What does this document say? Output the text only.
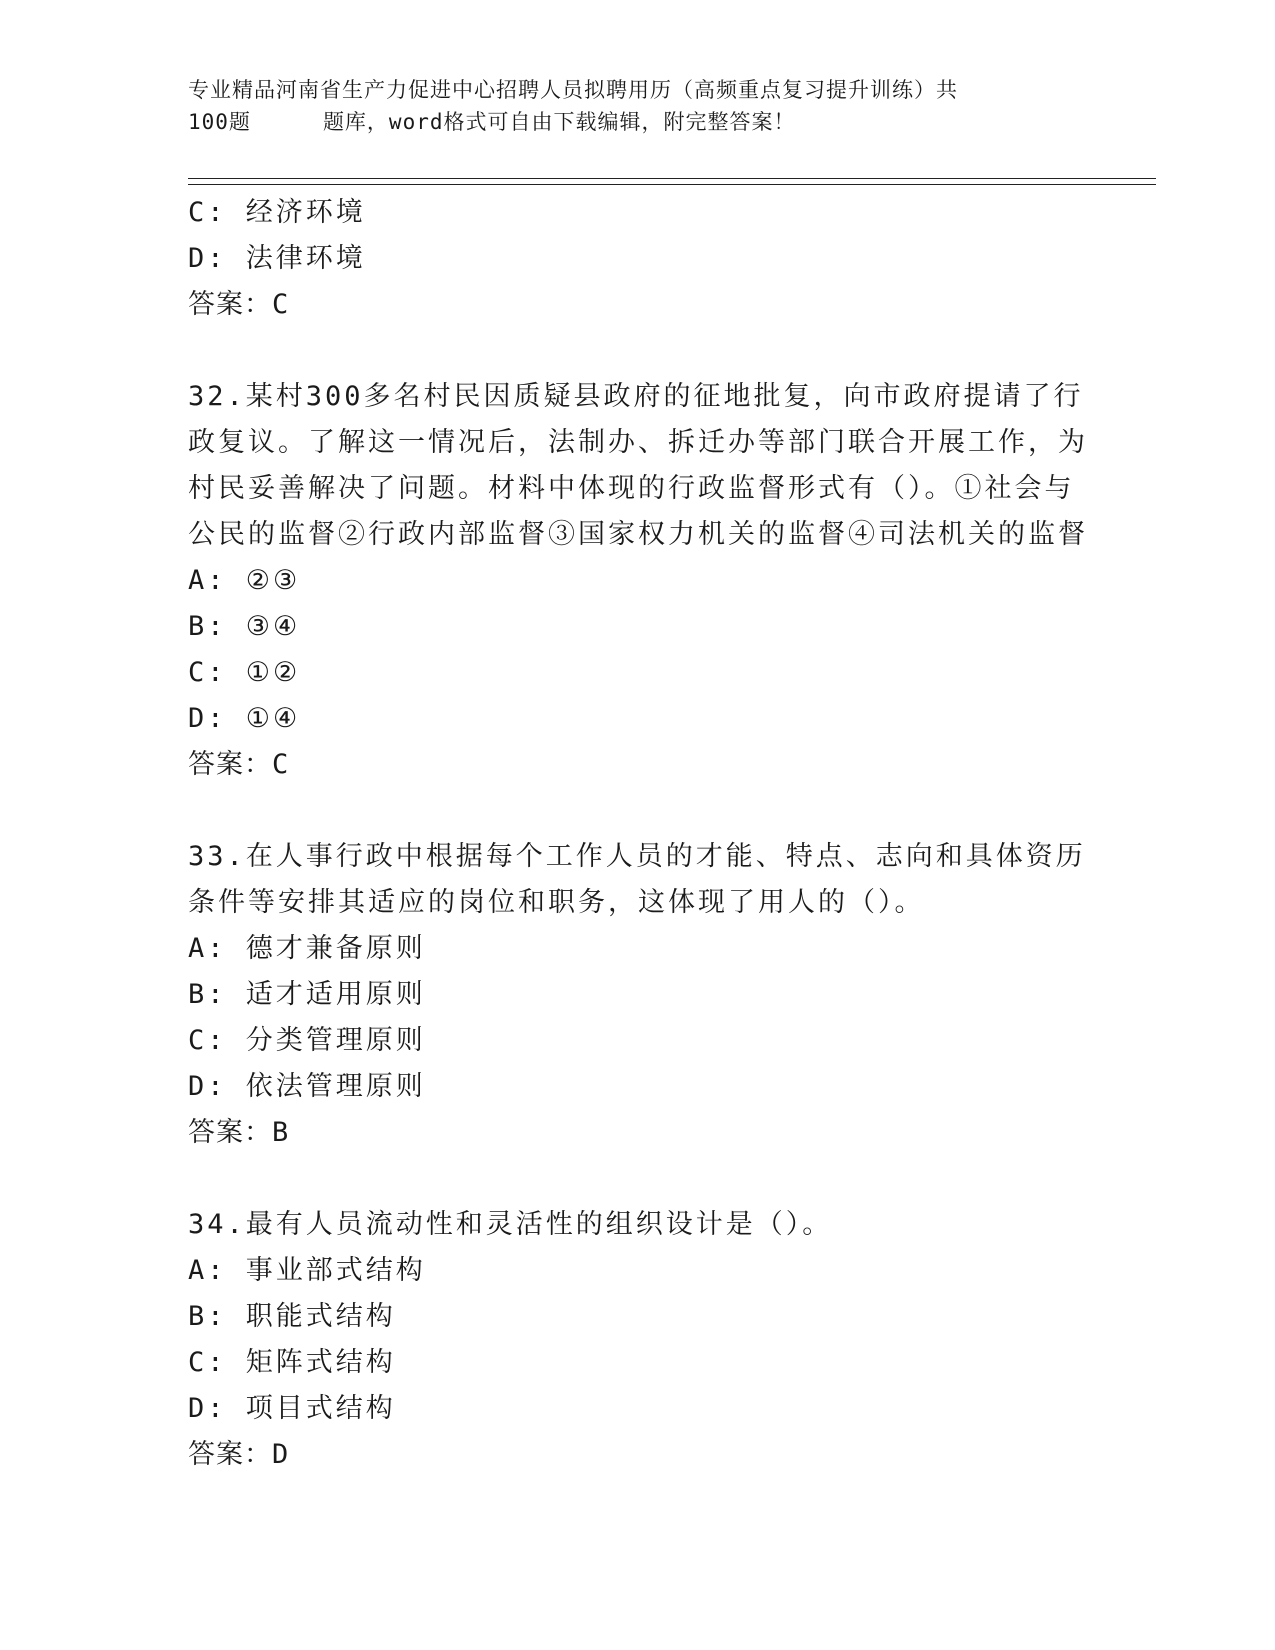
专业精品河南省生产力促进中心招聘人员拟聘用历（高频重点复习提升训练）共
100题	题库，word格式可自由下载编辑，附完整答案！
C: 经济环境
D: 法律环境
答案：C
32.某村300多名村民因质疑县政府的征地批复，向市政府提请了行政复议。了解这一情况后，法制办、拆迁办等部门联合开展工作，为村民妥善解决了问题。材料中体现的行政监督形式有（）。①社会与公民的监督②行政内部监督③国家权力机关的监督④司法机关的监督
A: ②③
B: ③④
C: ①②
D: ①④
答案：C
33.在人事行政中根据每个工作人员的才能、特点、志向和具体资历条件等安排其适应的岗位和职务，这体现了用人的（）。
A: 德才兼备原则
B: 适才适用原则
C: 分类管理原则
D: 依法管理原则
答案：B
34.最有人员流动性和灵活性的组织设计是（）。
A: 事业部式结构
B: 职能式结构
C: 矩阵式结构
D: 项目式结构
答案：D
